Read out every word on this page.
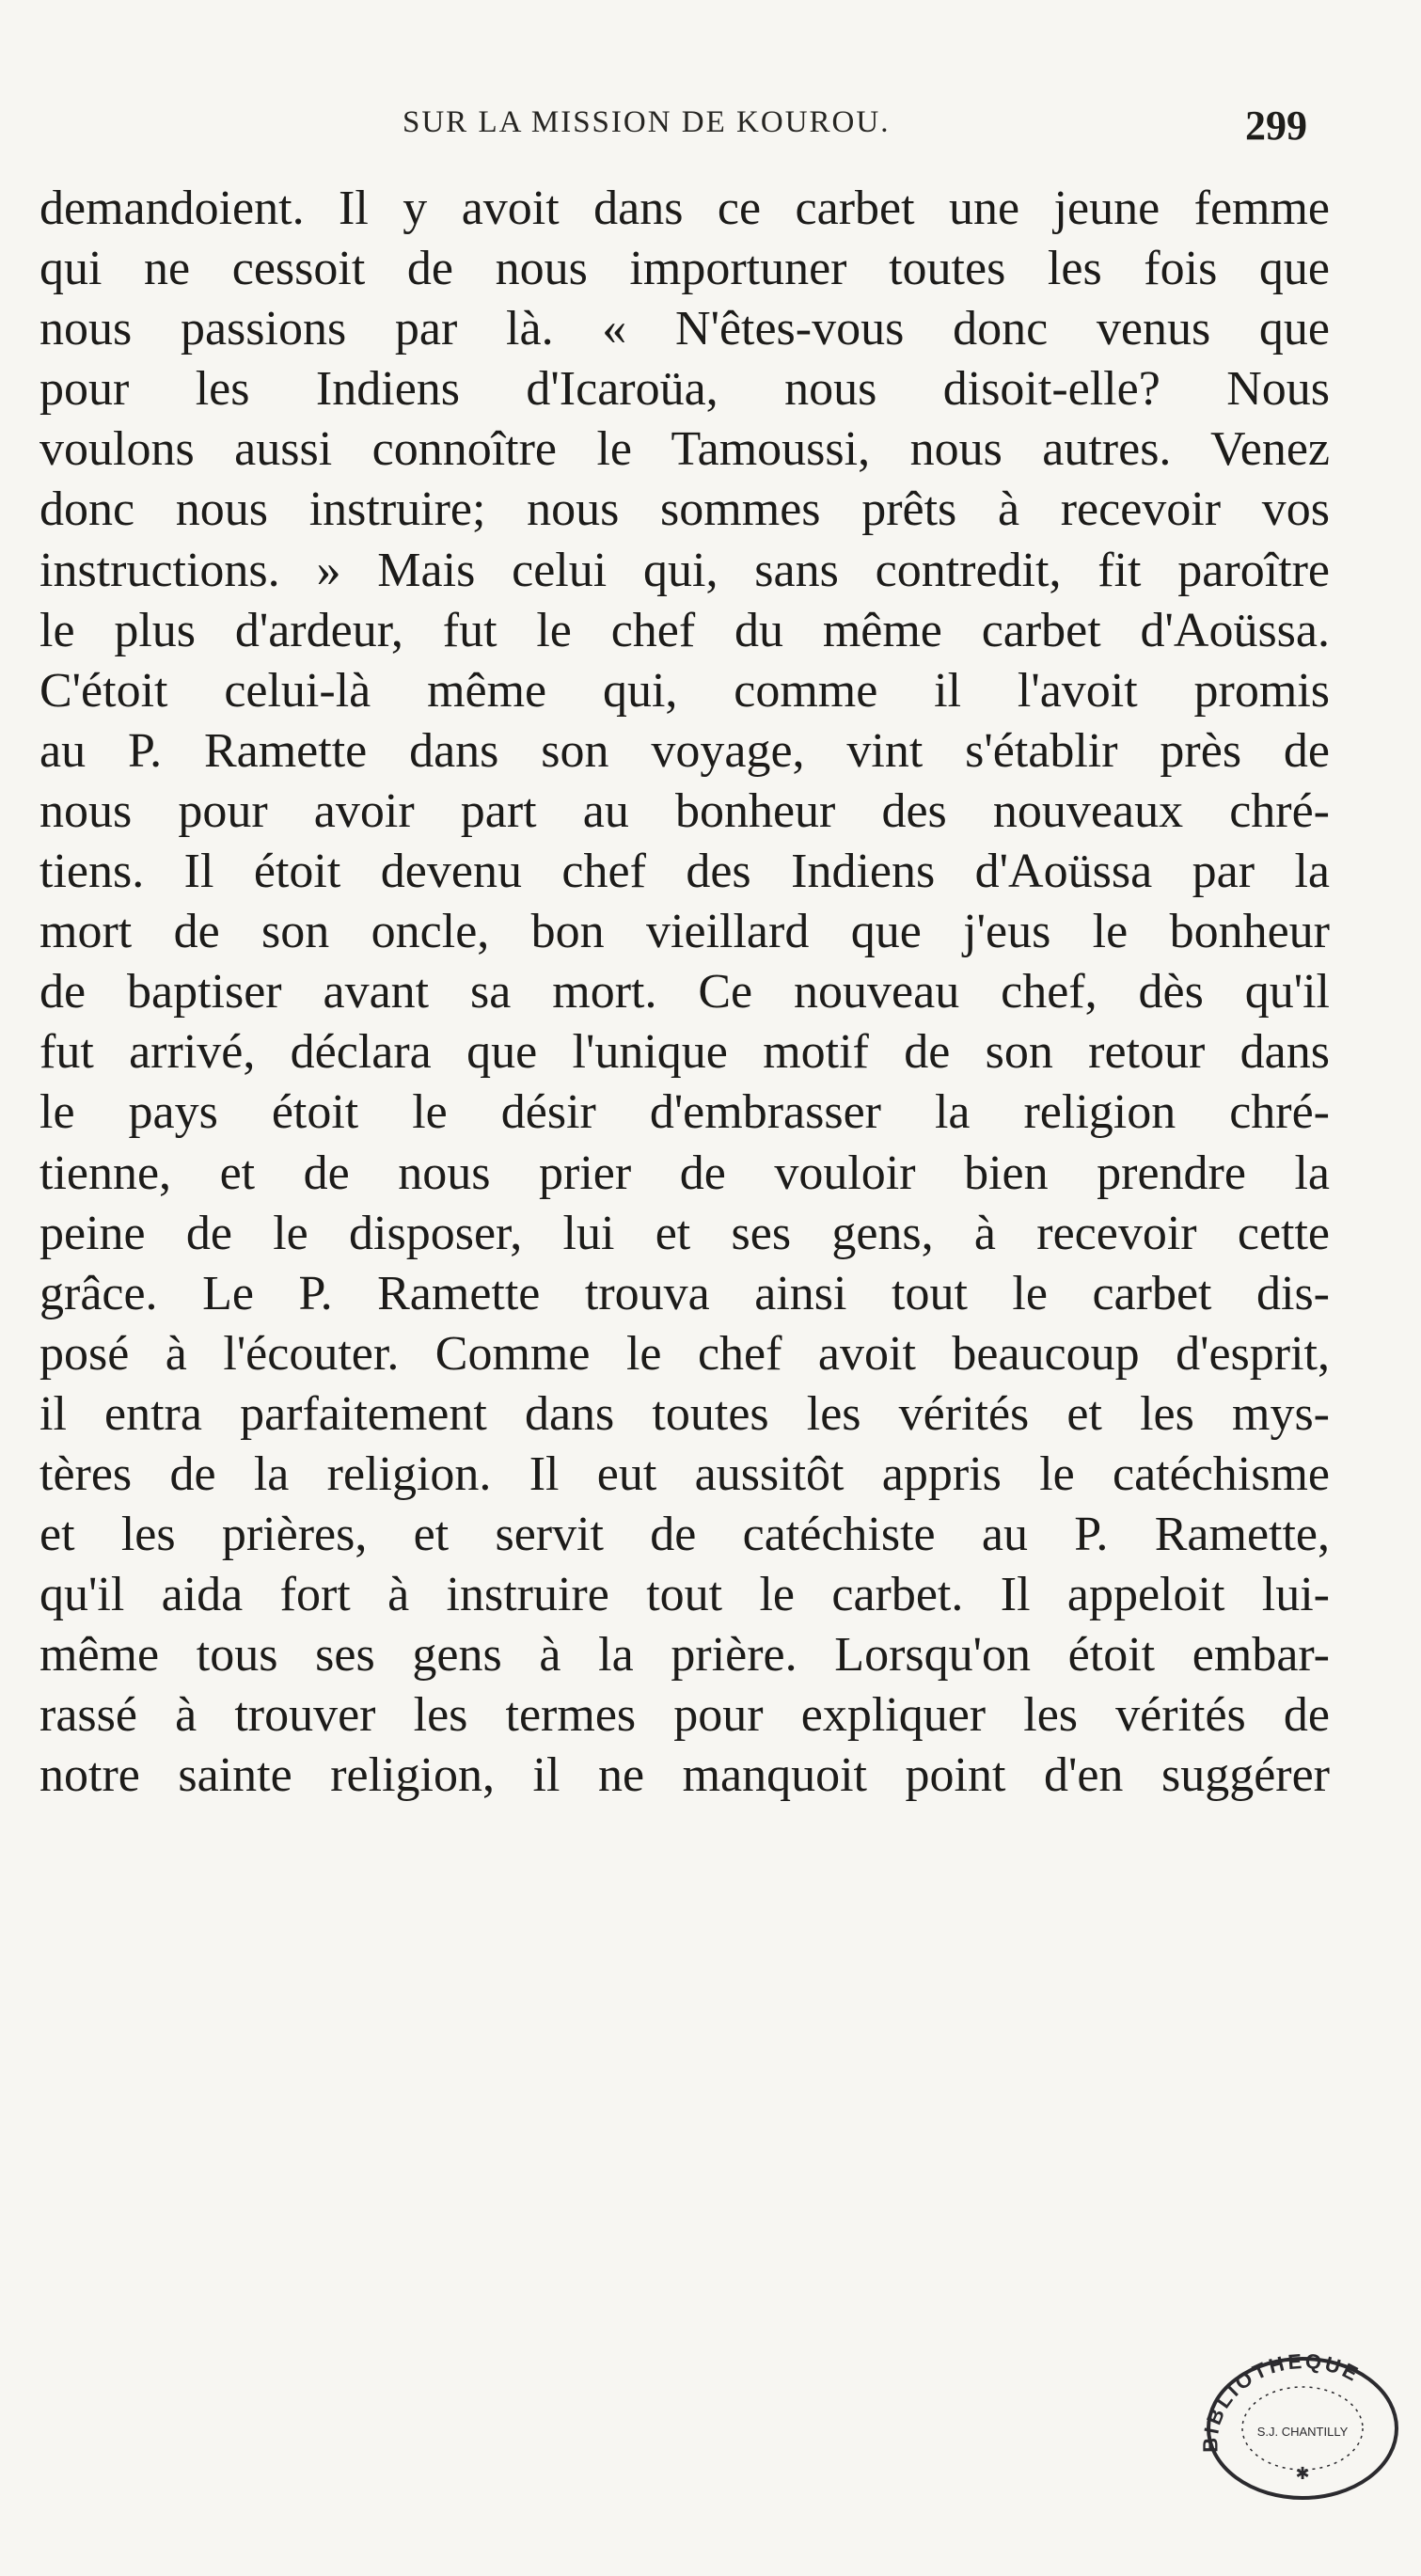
SUR LA MISSION DE KOUROU.	299
demandoient. Il y avoit dans ce carbet une jeune femme
qui ne cessoit de nous importuner toutes les fois que
nous passions par là. « N'êtes-vous donc venus que
pour les Indiens d'Icaroüa, nous disoit-elle? Nous
voulons aussi connoître le Tamoussi, nous autres. Venez
donc nous instruire; nous sommes prêts à recevoir vos
instructions. » Mais celui qui, sans contredit, fit paroître
le plus d'ardeur, fut le chef du même carbet d'Aoüssa.
C'étoit celui-là même qui, comme il l'avoit promis
au P. Ramette dans son voyage, vint s'établir près de
nous pour avoir part au bonheur des nouveaux chré-
tiens. Il étoit devenu chef des Indiens d'Aoüssa par la
mort de son oncle, bon vieillard que j'eus le bonheur
de baptiser avant sa mort. Ce nouveau chef, dès qu'il
fut arrivé, déclara que l'unique motif de son retour dans
le pays étoit le désir d'embrasser la religion chré-
tienne, et de nous prier de vouloir bien prendre la
peine de le disposer, lui et ses gens, à recevoir cette
grâce. Le P. Ramette trouva ainsi tout le carbet dis-
posé à l'écouter. Comme le chef avoit beaucoup d'esprit,
il entra parfaitement dans toutes les vérités et les mys-
tères de la religion. Il eut aussitôt appris le catéchisme
et les prières, et servit de catéchiste au P. Ramette,
qu'il aida fort à instruire tout le carbet. Il appeloit lui-
même tous ses gens à la prière. Lorsqu'on étoit embar-
rassé à trouver les termes pour expliquer les vérités de
notre sainte religion, il ne manquoit point d'en suggérer
BIBLIOTHEQUE
S.J. CHANTILLY
✱
